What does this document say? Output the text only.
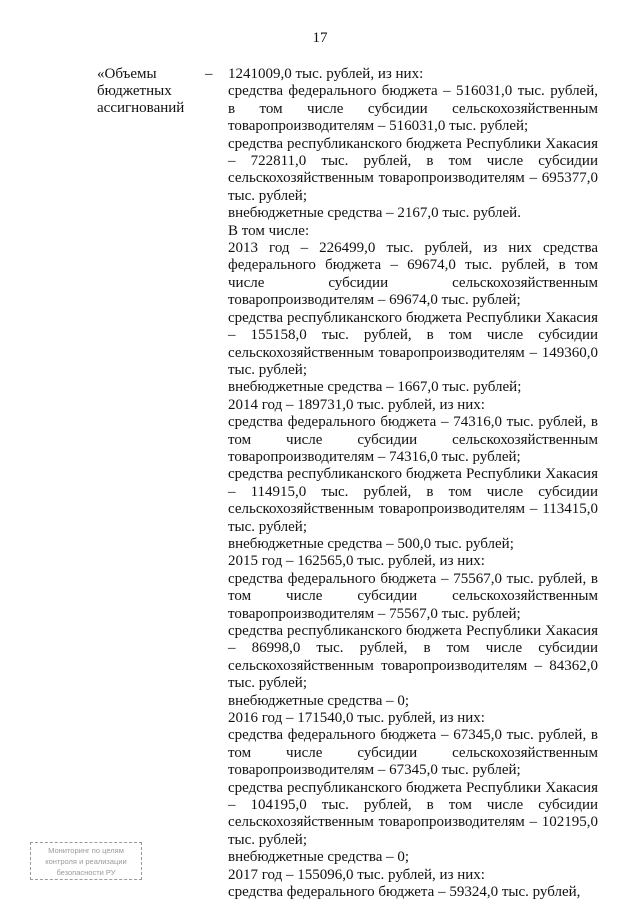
17
«Объемы бюджетных ассигнований
– 1241009,0 тыс. рублей, из них:

средства федерального бюджета – 516031,0 тыс. рублей, в том числе субсидии сельскохозяйственным товаропроизводителям – 516031,0 тыс. рублей;

средства республиканского бюджета Республики Хакасия – 722811,0 тыс. рублей, в том числе субсидии сельскохозяйственным товаропроизводителям – 695377,0 тыс. рублей;

внебюджетные средства – 2167,0 тыс. рублей.

В том числе:

2013 год – 226499,0 тыс. рублей, из них средства федерального бюджета – 69674,0 тыс. рублей, в том числе субсидии сельскохозяйственным товаропроизводителям – 69674,0 тыс. рублей;

средства республиканского бюджета Республики Хакасия – 155158,0 тыс. рублей, в том числе субсидии сельскохозяйственным товаропроизводителям – 149360,0 тыс. рублей;

внебюджетные средства – 1667,0 тыс. рублей;

2014 год – 189731,0 тыс. рублей, из них:

средства федерального бюджета – 74316,0 тыс. рублей, в том числе субсидии сельскохозяйственным товаропроизводителям – 74316,0 тыс. рублей;

средства республиканского бюджета Республики Хакасия – 114915,0 тыс. рублей, в том числе субсидии сельскохозяйственным товаропроизводителям – 113415,0 тыс. рублей;

внебюджетные средства – 500,0 тыс. рублей;

2015 год – 162565,0 тыс. рублей, из них:

средства федерального бюджета – 75567,0 тыс. рублей, в том числе субсидии сельскохозяйственным товаропроизводителям – 75567,0 тыс. рублей;

средства республиканского бюджета Республики Хакасия – 86998,0 тыс. рублей, в том числе субсидии сельскохозяйственным товаропроизводителям – 84362,0 тыс. рублей;

внебюджетные средства – 0;

2016 год – 171540,0 тыс. рублей, из них:

средства федерального бюджета – 67345,0 тыс. рублей, в том числе субсидии сельскохозяйственным товаропроизводителям – 67345,0 тыс. рублей;

средства республиканского бюджета Республики Хакасия – 104195,0 тыс. рублей, в том числе субсидии сельскохозяйственным товаропроизводителям – 102195,0 тыс. рублей;

внебюджетные средства – 0;

2017 год – 155096,0 тыс. рублей, из них:

средства федерального бюджета – 59324,0 тыс. рублей,

Мониторинг по целям
контроля и реализации
безопасности РУ
